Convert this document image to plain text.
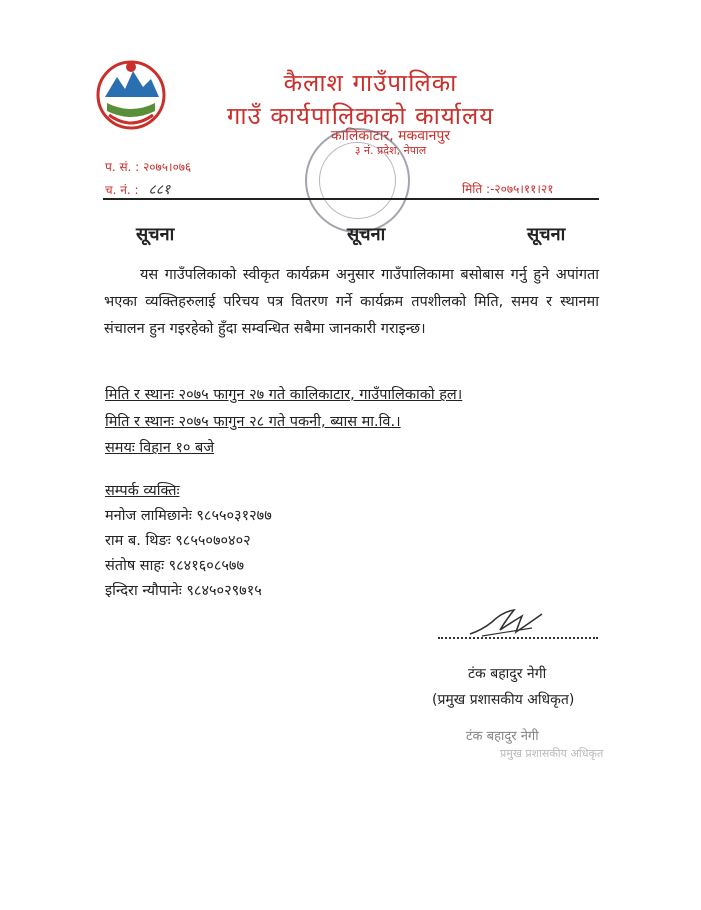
कैलाश गाउँपालिका
गाउँ कार्यपालिकाको कार्यालय
कालिकाटार, मकवानपुर
३ नं. प्रदेश, नेपाल
प. सं. : २०७५।०७६
च. नं. : ८८१	मिति :-२०७५।११।२१
सूचना	सूचना	सूचना
यस गाउँपलिकाको स्वीकृत कार्यक्रम अनुसार गाउँपालिकामा बसोबास गर्नु हुने अपांगता भएका व्यक्तिहरुलाई परिचय पत्र वितरण गर्ने कार्यक्रम तपशीलको मिति, समय र स्थानमा संचालन हुन गइरहेको हुँदा सम्वन्धित सबैमा जानकारी गराइन्छ।
मिति र स्थानः २०७५ फागुन २७ गते कालिकाटार, गाउँपालिकाको हल।
मिति र स्थानः २०७५ फागुन २८ गते पकनी, ब्यास मा.वि.।
समयः विहान १० बजे
सम्पर्क व्यक्तिः
मनोज लामिछानेः ९८५५०३१२७७
राम ब. थिङः ९८५५०७०४०२
संतोष साहः ९८४१६०८५७७
इन्दिरा न्यौपानेः ९८४५०२९७१५
टंक बहादुर नेगी
(प्रमुख प्रशासकीय अधिकृत)
टंक बहादुर नेगी
प्रमुख प्रशासकीय अधिकृत
